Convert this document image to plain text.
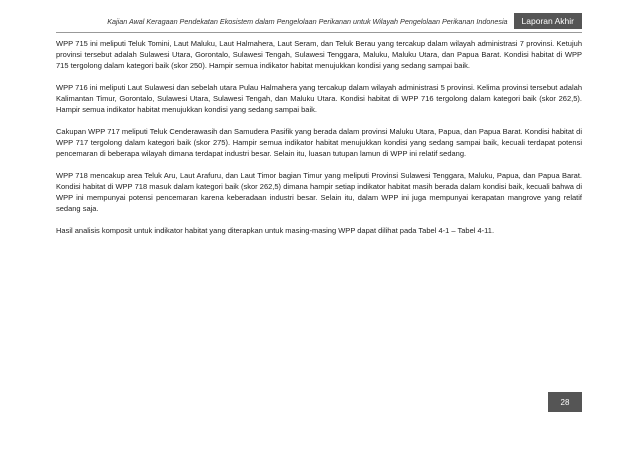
Kajian Awal Keragaan Pendekatan Ekosistem dalam Pengelolaan Perikanan untuk Wilayah Pengelolaan Perikanan Indonesia	Laporan Akhir

WPP 715 ini meliputi Teluk Tomini, Laut Maluku, Laut Halmahera, Laut Seram, dan Teluk Berau yang tercakup dalam wilayah administrasi 7 provinsi. Ketujuh provinsi tersebut adalah Sulawesi Utara, Gorontalo, Sulawesi Tengah, Sulawesi Tenggara, Maluku, Maluku Utara, dan Papua Barat. Kondisi habitat di WPP 715 tergolong dalam kategori baik (skor 250). Hampir semua indikator habitat menujukkan kondisi yang sedang sampai baik.

WPP 716 ini meliputi Laut Sulawesi dan sebelah utara Pulau Halmahera yang tercakup dalam wilayah administrasi 5 provinsi. Kelima provinsi tersebut adalah Kalimantan Timur, Gorontalo, Sulawesi Utara, Sulawesi Tengah, dan Maluku Utara. Kondisi habitat di WPP 716 tergolong dalam kategori baik (skor 262,5). Hampir semua indikator habitat menujukkan kondisi yang sedang sampai baik.

Cakupan WPP 717 meliputi Teluk Cenderawasih dan Samudera Pasifik yang berada dalam provinsi Maluku Utara, Papua, dan Papua Barat. Kondisi habitat di WPP 717 tergolong dalam kategori baik (skor 275). Hampir semua indikator habitat menujukkan kondisi yang sedang sampai baik, kecuali terdapat potensi pencemaran di beberapa wilayah dimana terdapat industri besar. Selain itu, luasan tutupan lamun di WPP ini relatif sedang.

WPP 718 mencakup area Teluk Aru, Laut Arafuru, dan Laut Timor bagian Timur yang meliputi Provinsi Sulawesi Tenggara, Maluku, Papua, dan Papua Barat. Kondisi habitat di WPP 718 masuk dalam kategori baik (skor 262,5) dimana hampir setiap indikator habitat masih berada dalam kondisi baik, kecuali bahwa di WPP ini mempunyai potensi pencemaran karena keberadaan industri besar. Selain itu, dalam WPP ini juga mempunyai kerapatan mangrove yang relatif sedang saja.

Hasil analisis komposit untuk indikator habitat yang diterapkan untuk masing-masing WPP dapat dilihat pada Tabel 4-1 – Tabel 4-11.

28
